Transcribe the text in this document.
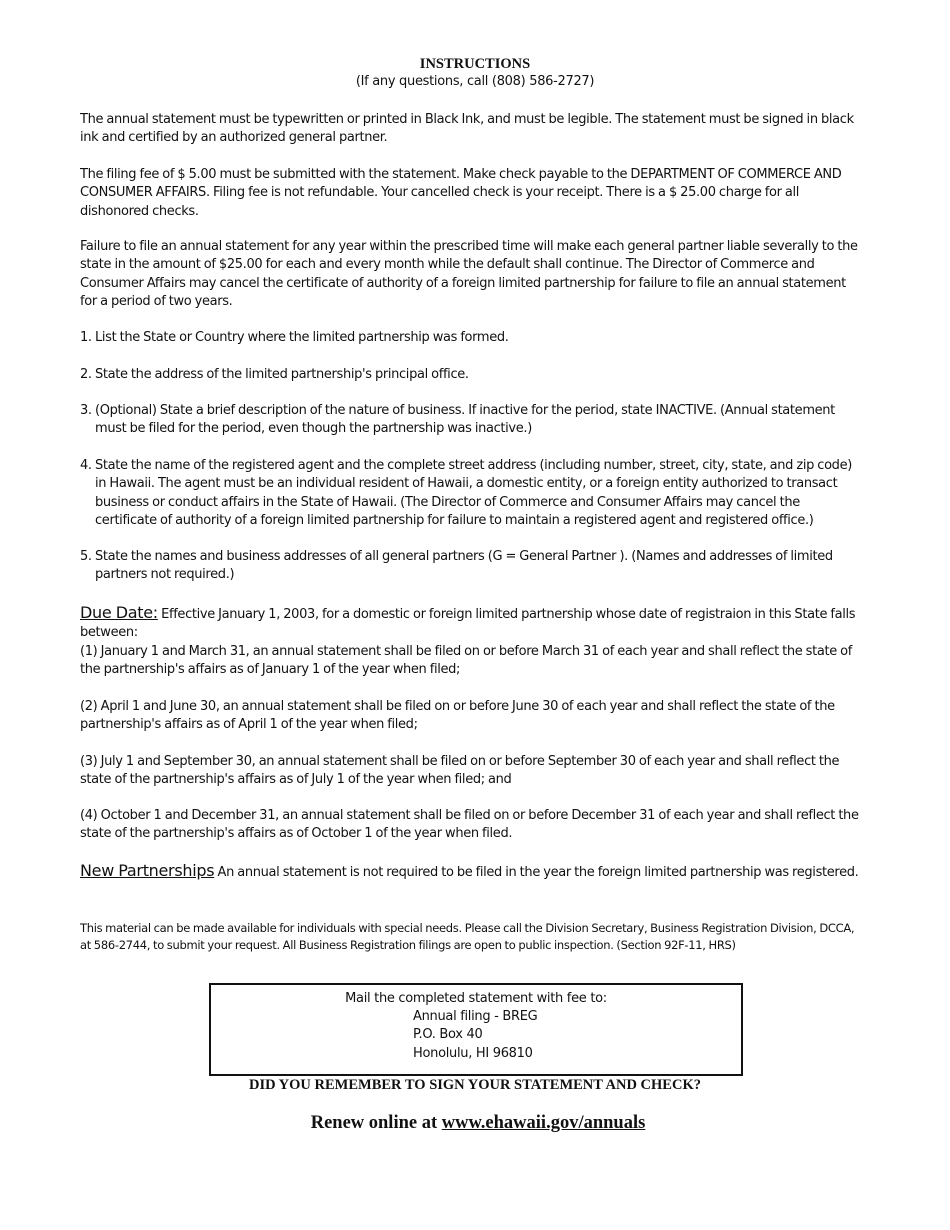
INSTRUCTIONS
(If any questions, call (808) 586-2727)
The annual statement must be typewritten or printed in Black Ink, and must be legible. The statement must be signed in black ink and certified by an authorized general partner.
The filing fee of $ 5.00 must be submitted with the statement. Make check payable to the DEPARTMENT OF COMMERCE AND CONSUMER AFFAIRS. Filing fee is not refundable. Your cancelled check is your receipt. There is a $ 25.00 charge for all dishonored checks.
Failure to file an annual statement for any year within the prescribed time will make each general partner liable severally to the state in the amount of $25.00 for each and every month while the default shall continue. The Director of Commerce and Consumer Affairs may cancel the certificate of authority of a foreign limited partnership for failure to file an annual statement for a period of two years.
1. List the State or Country where the limited partnership was formed.
2. State the address of the limited partnership's principal office.
3. (Optional) State a brief description of the nature of business. If inactive for the period, state INACTIVE. (Annual statement must be filed for the period, even though the partnership was inactive.)
4. State the name of the registered agent and the complete street address (including number, street, city, state, and zip code) in Hawaii. The agent must be an individual resident of Hawaii, a domestic entity, or a foreign entity authorized to transact business or conduct affairs in the State of Hawaii. (The Director of Commerce and Consumer Affairs may cancel the certificate of authority of a foreign limited partnership for failure to maintain a registered agent and registered office.)
5. State the names and business addresses of all general partners (G = General Partner ). (Names and addresses of limited partners not required.)
Due Date: Effective January 1, 2003, for a domestic or foreign limited partnership whose date of registraion in this State falls between:
(1) January 1 and March 31, an annual statement shall be filed on or before March 31 of each year and shall reflect the state of the partnership's affairs as of January 1 of the year when filed;
(2) April 1 and June 30, an annual statement shall be filed on or before June 30 of each year and shall reflect the state of the partnership's affairs as of April 1 of the year when filed;
(3) July 1 and September 30, an annual statement shall be filed on or before September 30 of each year and shall reflect the state of the partnership's affairs as of July 1 of the year when filed; and
(4) October 1 and December 31, an annual statement shall be filed on or before December 31 of each year and shall reflect the state of the partnership's affairs as of October 1 of the year when filed.
New Partnerships An annual statement is not required to be filed in the year the foreign limited partnership was registered.
This material can be made available for individuals with special needs. Please call the Division Secretary, Business Registration Division, DCCA, at 586-2744, to submit your request. All Business Registration filings are open to public inspection. (Section 92F-11, HRS)
Mail the completed statement with fee to:
Annual filing - BREG
P.O. Box 40
Honolulu, HI 96810
DID YOU REMEMBER TO SIGN YOUR STATEMENT AND CHECK?
Renew online at www.ehawaii.gov/annuals
